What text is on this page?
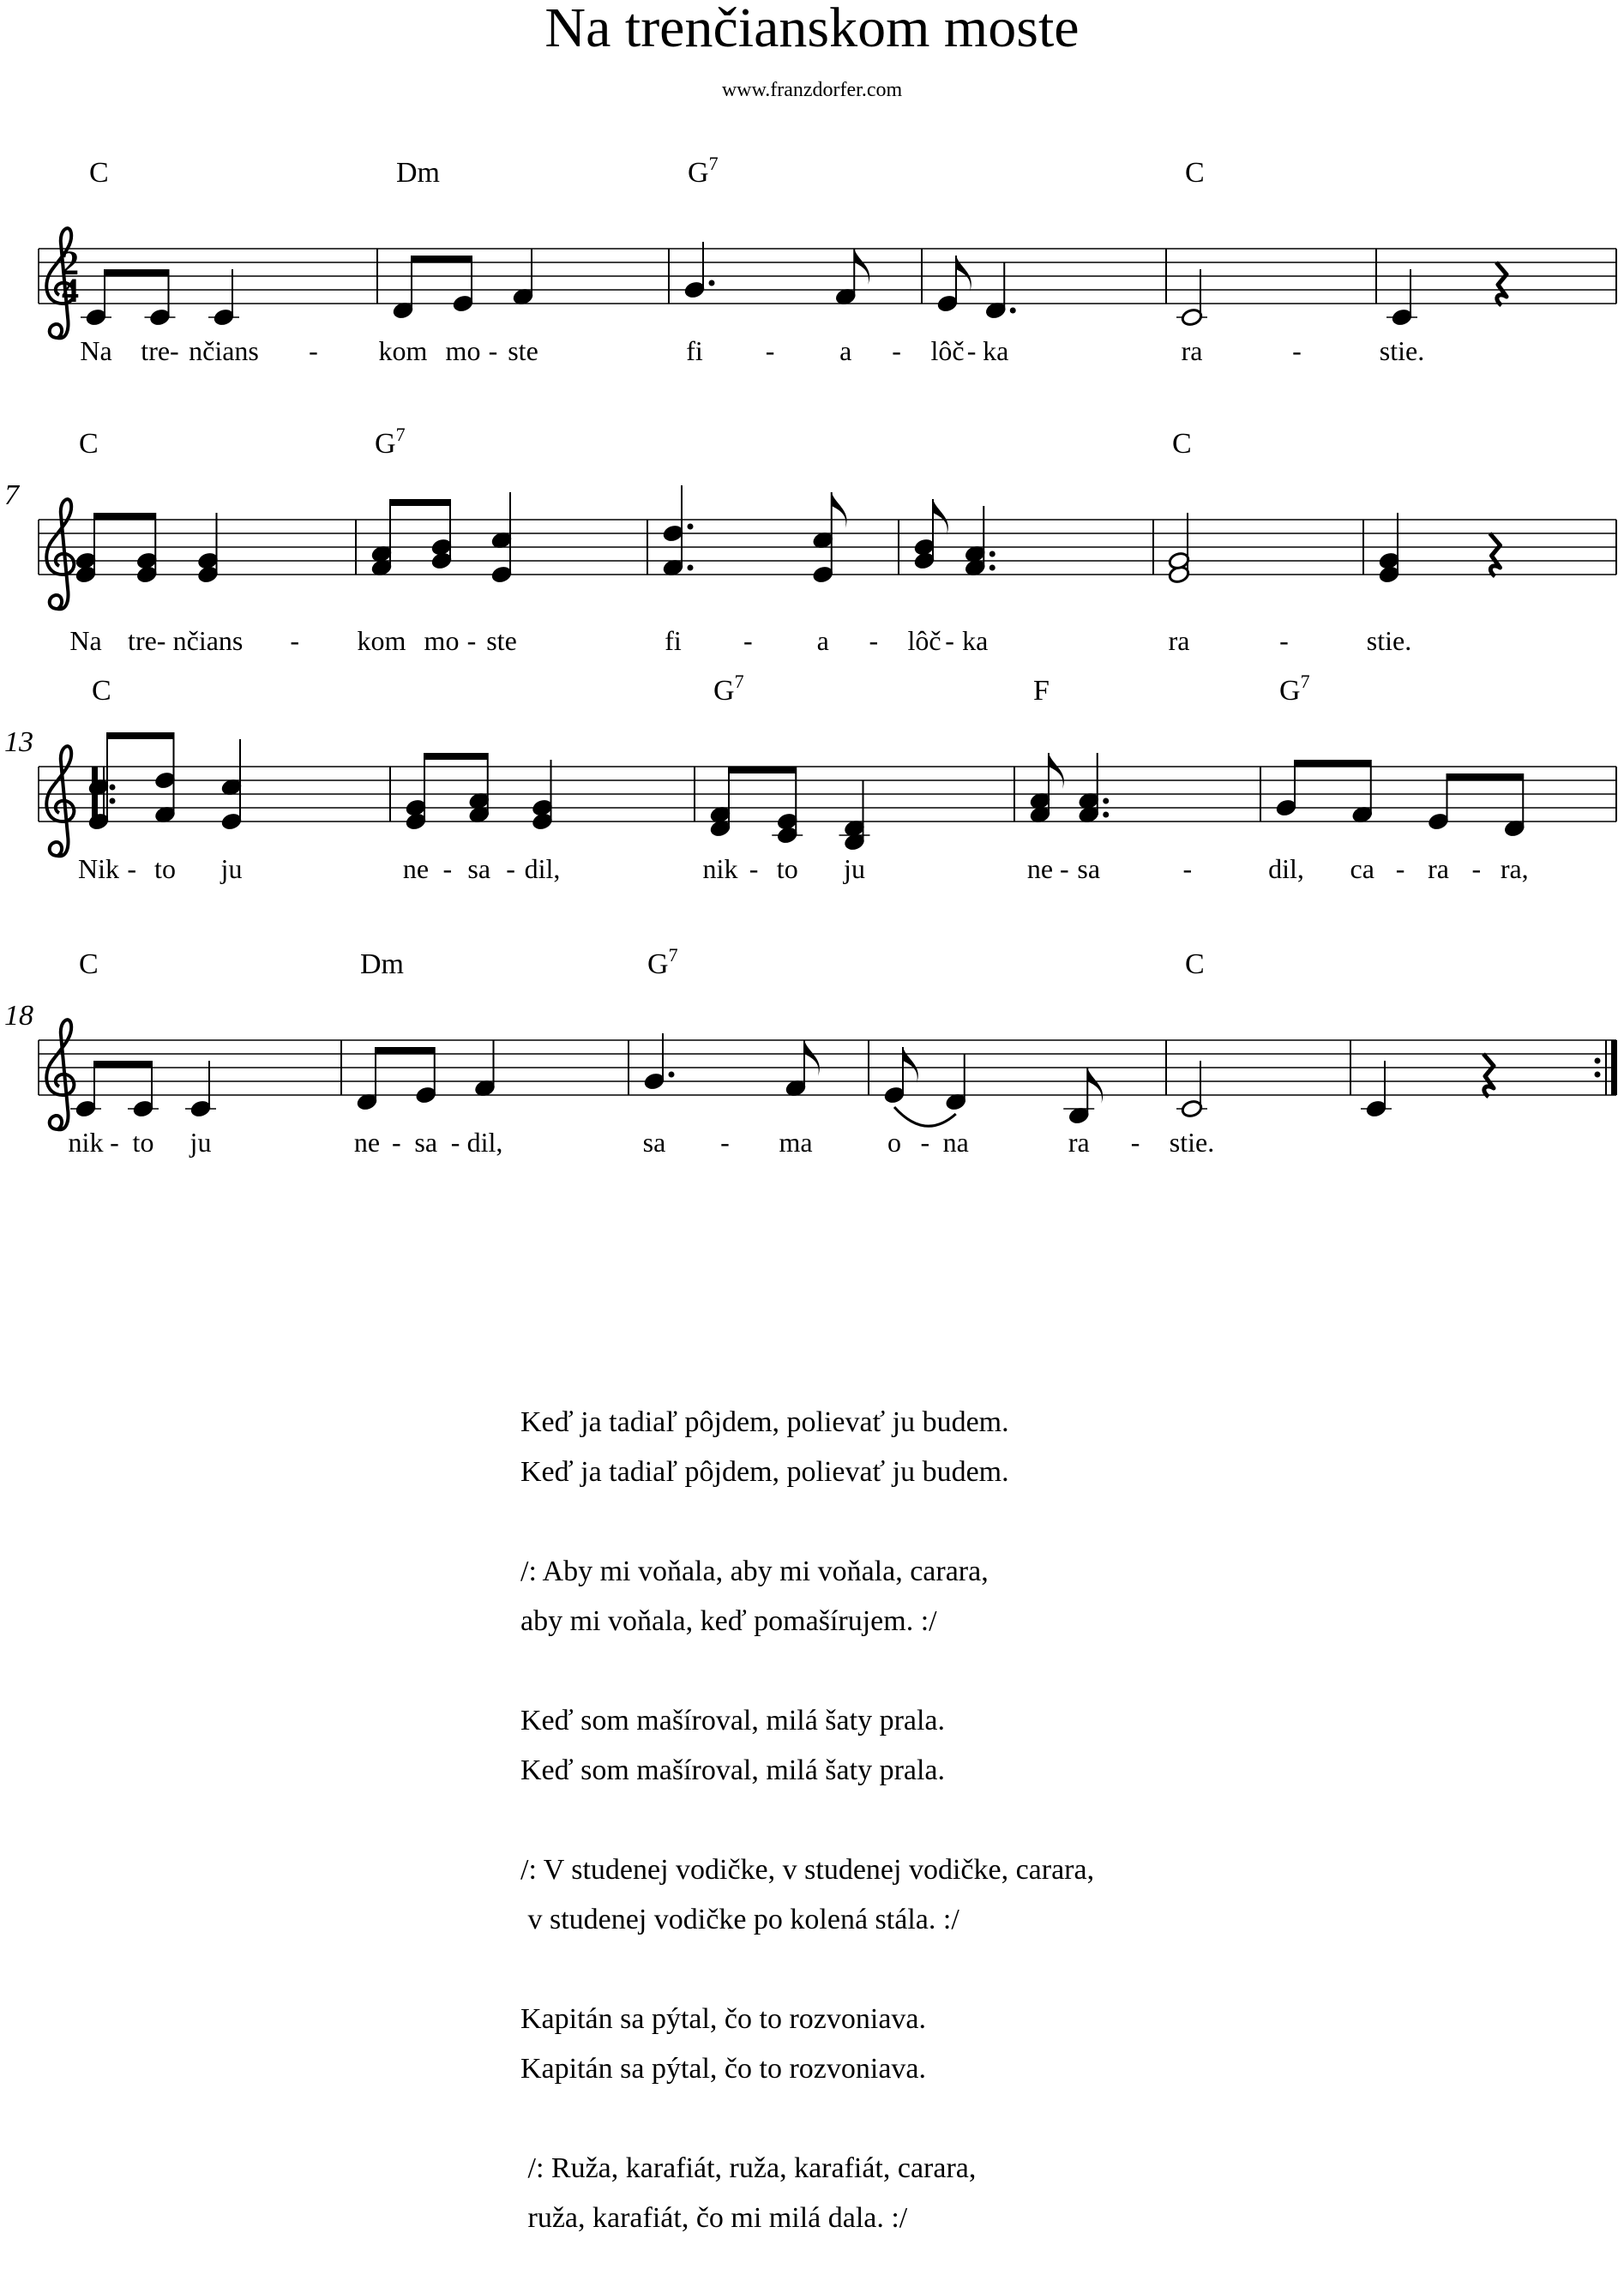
Na trenčianskom moste
www.franzdorfer.com
2
4
C	Dm	$G^7$	C
Na tre- nčians - kom mo - ste	fi - a - lôč - ka	ra	-	stie.
7
C	$G^7$	C
Na tre- nčians - kom mo - ste	fi - a - lôč - ka	ra	-	stie.
13
C	$G^7$	F	$G^7$
Nik - to ju	ne - sa - dil,	nik - to ju	ne - sa	-	dil, ca - ra - ra,
18
C	Dm	$G^7$	C
nik - to ju	ne - sa - dil,	sa - ma	o - na	ra - stie.
Keď ja tadiaľ pôjdem, polievať ju budem.
Keď ja tadiaľ pôjdem, polievať ju budem.
/: Aby mi voňala, aby mi voňala, carara,
aby mi voňala, keď pomašírujem. :/
Keď som mašíroval, milá šaty prala.
Keď som mašíroval, milá šaty prala.
/: V studenej vodičke, v studenej vodičke, carara,
v studenej vodičke po kolená stála. :/
Kapitán sa pýtal, čo to rozvoniava.
Kapitán sa pýtal, čo to rozvoniava.
/: Ruža, karafiát, ruža, karafiát, carara,
ruža, karafiát, čo mi milá dala. :/
